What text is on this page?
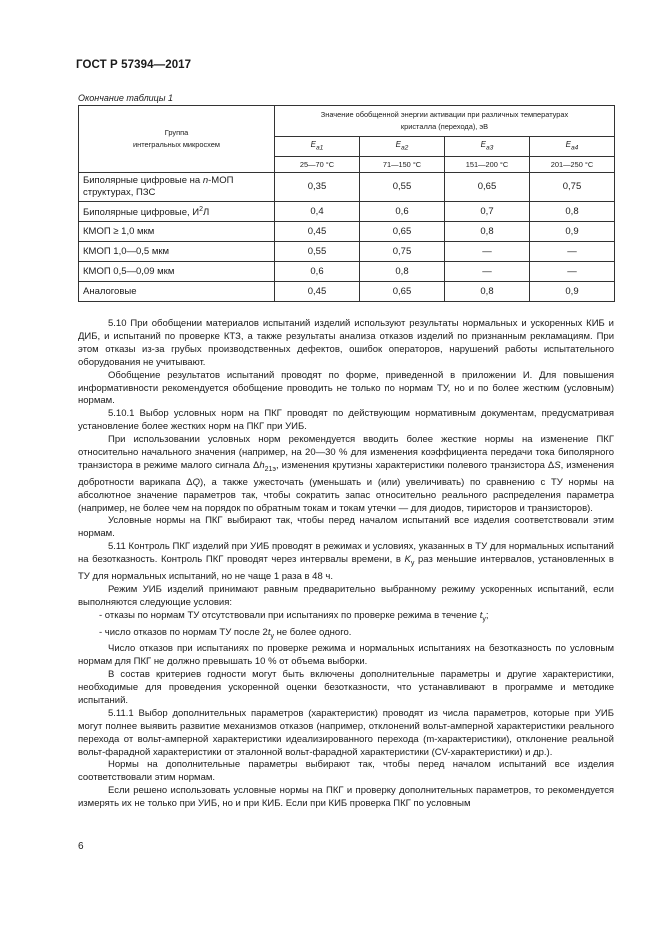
ГОСТ Р 57394—2017
Окончание таблицы 1
Группа
интегральных микросхем	Значение обобщенной энергии активации при различных температурах
кристалла (перехода), эВ			
	$E_{a1}$	$E_{a2}$	$E_{a3}$	$E_{a4}$
	25—70 °С	71—150 °С	151—200 °С	201—250 °С
Биполярные цифровые на n-МОП структурах, ПЗС	0,35	0,55	0,65	0,75
Биполярные цифровые, $И^2Л$	0,4	0,6	0,7	0,8
КМОП ≥ 1,0 мкм	0,45	0,65	0,8	0,9
КМОП 1,0—0,5 мкм	0,55	0,75	—	—
КМОП 0,5—0,09 мкм	0,6	0,8	—	—
Аналоговые	0,45	0,65	0,8	0,9

5.10 При обобщении материалов испытаний изделий используют результаты нормальных и ускоренных КИБ и ДИБ, и испытаний по проверке КТЗ, а также результаты анализа отказов изделий по признанным рекламациям. При этом отказы из-за грубых производственных дефектов, ошибок операторов, нарушений работы испытательного оборудования не учитывают.

Обобщение результатов испытаний проводят по форме, приведенной в приложении И. Для повышения информативности рекомендуется обобщение проводить не только по нормам ТУ, но и по более жестким (условным) нормам.

5.10.1 Выбор условных норм на ПКГ проводят по действующим нормативным документам, предусматривая установление более жестких норм на ПКГ при УИБ.

При использовании условных норм рекомендуется вводить более жесткие нормы на изменение ПКГ относительно начального значения (например, на 20—30 % для изменения коэффициента передачи тока биполярного транзистора в режиме малого сигнала $\Delta h_{21э}$, изменения крутизны характеристики полевого транзистора ΔS, изменения добротности варикапа ΔQ), а также ужесточать (уменьшать и (или) увеличивать) по сравнению с ТУ нормы на абсолютное значение параметров так, чтобы сократить запас относительно реального распределения параметра (например, не более чем на порядок по обратным токам и токам утечки — для диодов, тиристоров и транзисторов).

Условные нормы на ПКГ выбирают так, чтобы перед началом испытаний все изделия соответствовали этим нормам.

5.11 Контроль ПКГ изделий при УИБ проводят в режимах и условиях, указанных в ТУ для нормальных испытаний на безотказность. Контроль ПКГ проводят через интервалы времени, в $K_у$ раз меньшие интервалов, установленных в ТУ для нормальных испытаний, но не чаще 1 раза в 48 ч.

Режим УИБ изделий принимают равным предварительно выбранному режиму ускоренных испытаний, если выполняются следующие условия:

- отказы по нормам ТУ отсутствовали при испытаниях по проверке режима в течение $t_у$;

- число отказов по нормам ТУ после $2t_у$ не более одного.

Число отказов при испытаниях по проверке режима и нормальных испытаниях на безотказность по условным нормам для ПКГ не должно превышать 10 % от объема выборки.

В состав критериев годности могут быть включены дополнительные параметры и другие характеристики, необходимые для проведения ускоренной оценки безотказности, что устанавливают в программе и методике испытаний.

5.11.1 Выбор дополнительных параметров (характеристик) проводят из числа параметров, которые при УИБ могут полнее выявить развитие механизмов отказов (например, отклонений вольт-амперной характеристики реального перехода от вольт-амперной характеристики идеализированного перехода (m-характеристики), отклонение реальной вольт-фарадной характеристики от эталонной вольт-фарадной характеристики (CV-характеристики) и др.).

Нормы на дополнительные параметры выбирают так, чтобы перед началом испытаний все изделия соответствовали этим нормам.

Если решено использовать условные нормы на ПКГ и проверку дополнительных параметров, то рекомендуется измерять их не только при УИБ, но и при КИБ. Если при КИБ проверка ПКГ по условным

6
